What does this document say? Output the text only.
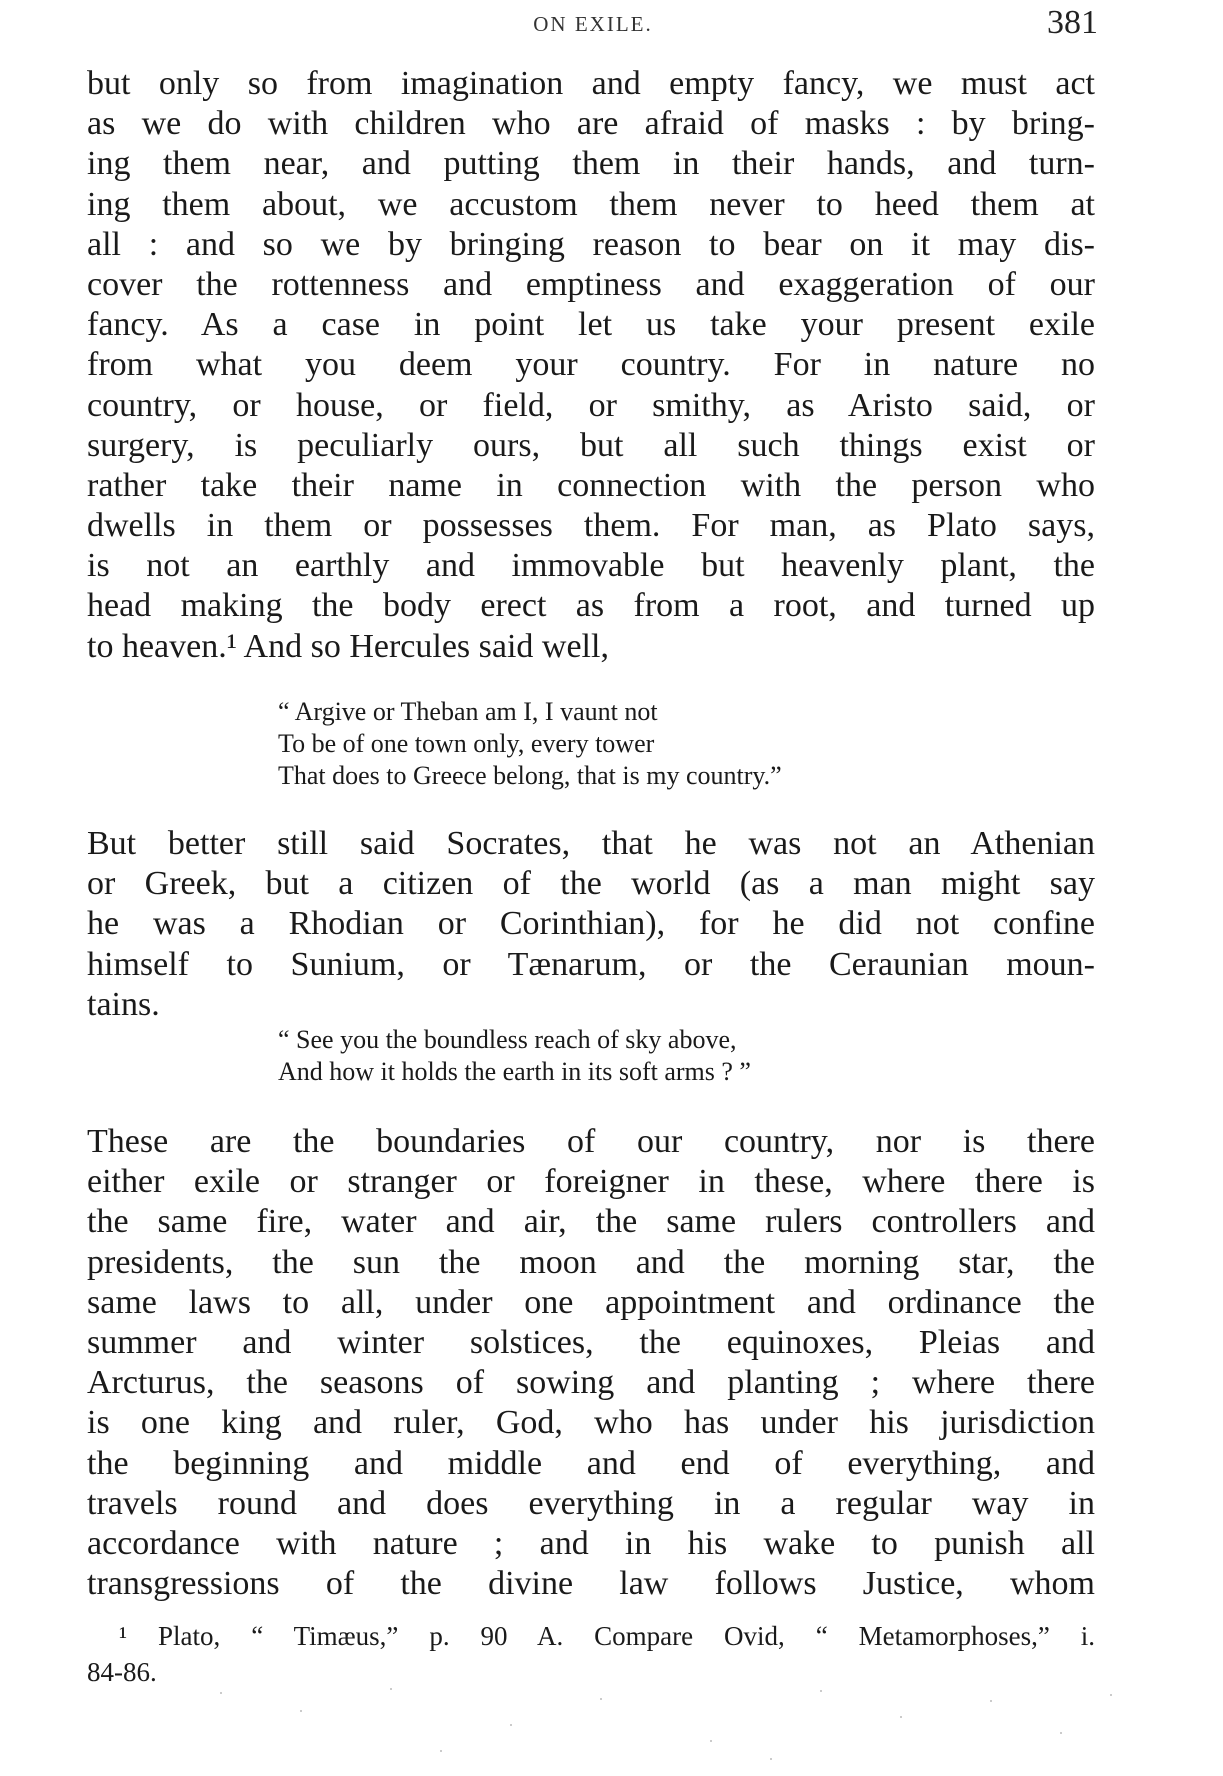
ON EXILE.	381
but only so from imagination and empty fancy, we must act
as we do with children who are afraid of masks : by bring-
ing them near, and putting them in their hands, and turn-
ing them about, we accustom them never to heed them at
all : and so we by bringing reason to bear on it may dis-
cover the rottenness and emptiness and exaggeration of our
fancy. As a case in point let us take your present exile
from what you deem your country. For in nature no
country, or house, or field, or smithy, as Aristo said, or
surgery, is peculiarly ours, but all such things exist or
rather take their name in connection with the person who
dwells in them or possesses them. For man, as Plato says,
is not an earthly and immovable but heavenly plant, the
head making the body erect as from a root, and turned up
to heaven.¹ And so Hercules said well,
“ Argive or Theban am I, I vaunt not
To be of one town only, every tower
That does to Greece belong, that is my country.”
But better still said Socrates, that he was not an Athenian
or Greek, but a citizen of the world (as a man might say
he was a Rhodian or Corinthian), for he did not confine
himself to Sunium, or Tænarum, or the Ceraunian moun-
tains.
“ See you the boundless reach of sky above,
And how it holds the earth in its soft arms ? ”
These are the boundaries of our country, nor is there
either exile or stranger or foreigner in these, where there is
the same fire, water and air, the same rulers controllers and
presidents, the sun the moon and the morning star, the
same laws to all, under one appointment and ordinance the
summer and winter solstices, the equinoxes, Pleias and
Arcturus, the seasons of sowing and planting ; where there
is one king and ruler, God, who has under his jurisdiction
the beginning and middle and end of everything, and
travels round and does everything in a regular way in
accordance with nature ; and in his wake to punish all
transgressions of the divine law follows Justice, whom
¹ Plato, “ Timæus,” p. 90 A. Compare Ovid, “ Metamorphoses,” i.
84-86.
